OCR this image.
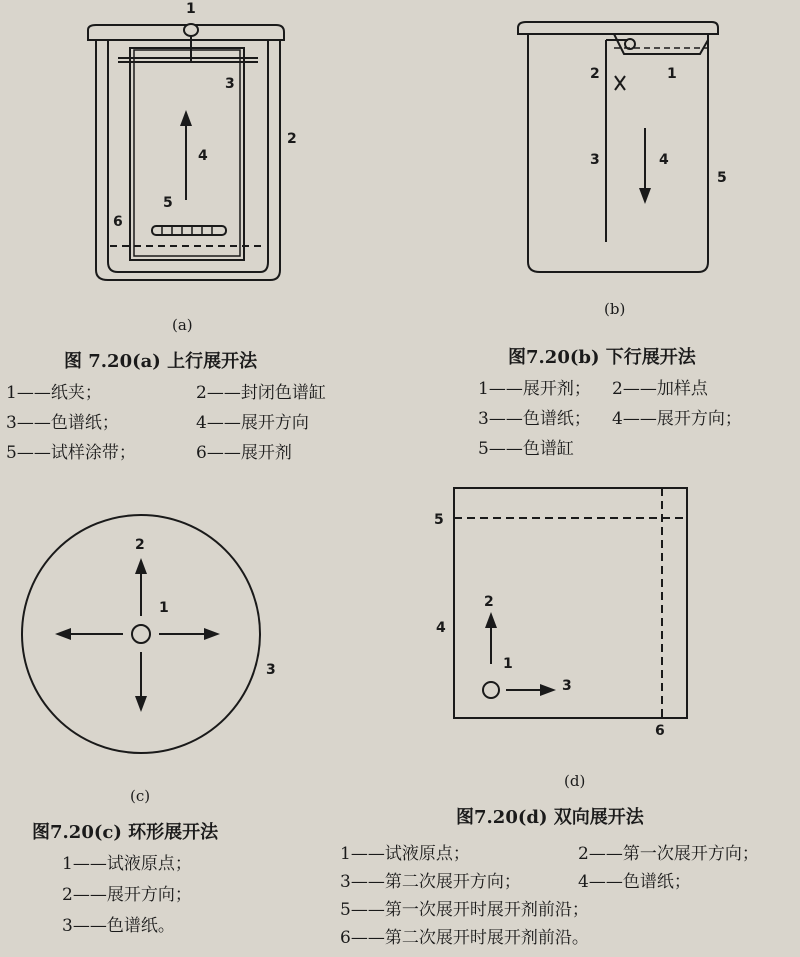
1
2
3
4
5
6
(a)
图 7.20(a) 上行展开法
1——纸夹；	2——封闭色谱缸
3——色谱纸；	4——展开方向
5——试样涂带；	6——展开剂
1
2
3	4
5
(b)
图7.20(b) 下行展开法
1——展开剂； 2——加样点
3——色谱纸； 4——展开方向；
5——色谱缸
1
2
3
(c)
图7.20(c) 环形展开法
1——试液原点；
2——展开方向；
3——色谱纸。
1
2
3
4
5
6
(d)
图7.20(d) 双向展开法
1——试液原点；	2——第一次展开方向；
3——第二次展开方向；	4——色谱纸；
5——第一次展开时展开剂前沿；
6——第二次展开时展开剂前沿。
